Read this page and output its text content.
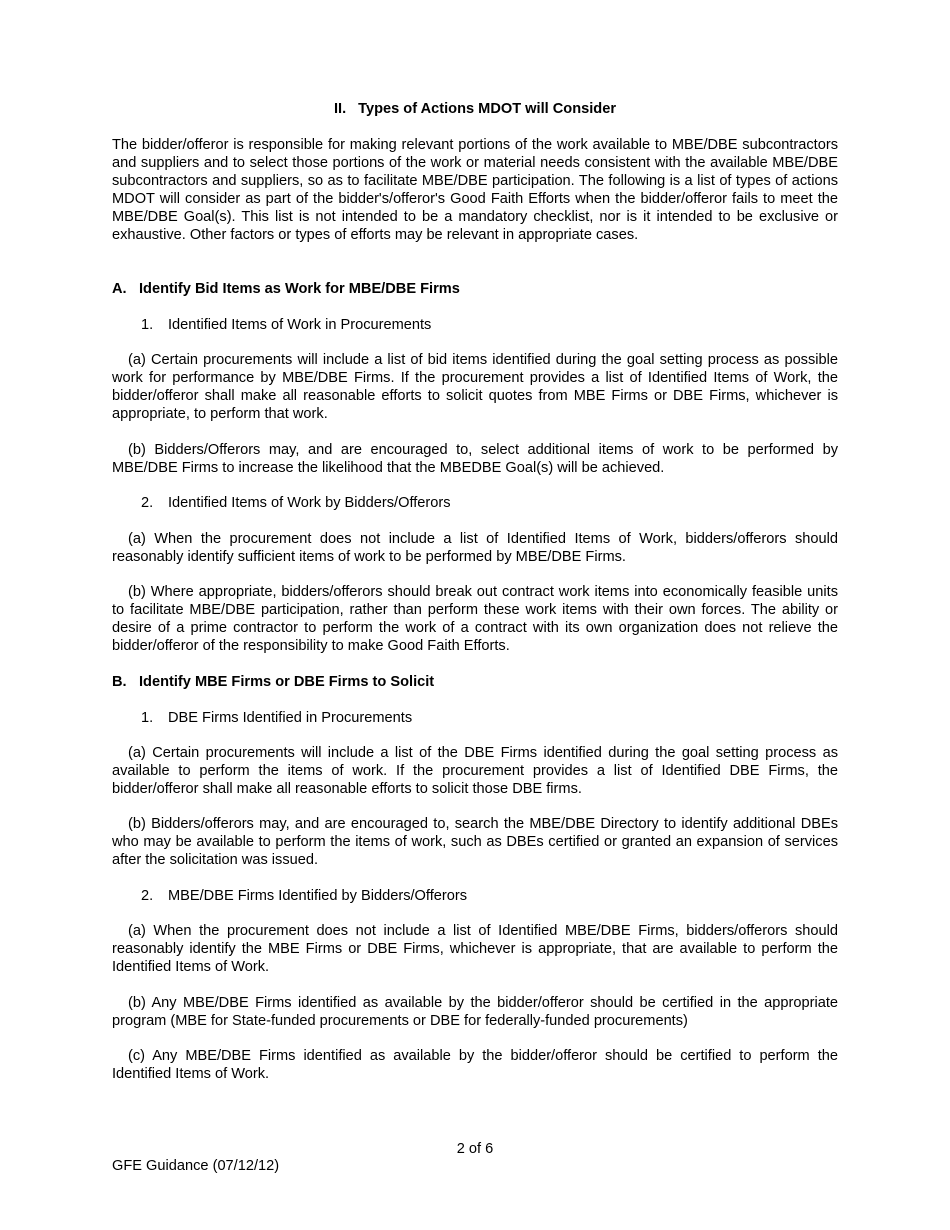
II. Types of Actions MDOT will Consider

The bidder/offeror is responsible for making relevant portions of the work available to MBE/DBE subcontractors and suppliers and to select those portions of the work or material needs consistent with the available MBE/DBE subcontractors and suppliers, so as to facilitate MBE/DBE participation. The following is a list of types of actions MDOT will consider as part of the bidder's/offeror's Good Faith Efforts when the bidder/offeror fails to meet the MBE/DBE Goal(s). This list is not intended to be a mandatory checklist, nor is it intended to be exclusive or exhaustive. Other factors or types of efforts may be relevant in appropriate cases.

A. Identify Bid Items as Work for MBE/DBE Firms
1. Identified Items of Work in Procurements

(a) Certain procurements will include a list of bid items identified during the goal setting process as possible work for performance by MBE/DBE Firms. If the procurement provides a list of Identified Items of Work, the bidder/offeror shall make all reasonable efforts to solicit quotes from MBE Firms or DBE Firms, whichever is appropriate, to perform that work.

(b) Bidders/Offerors may, and are encouraged to, select additional items of work to be performed by MBE/DBE Firms to increase the likelihood that the MBEDBE Goal(s) will be achieved.

2. Identified Items of Work by Bidders/Offerors

(a) When the procurement does not include a list of Identified Items of Work, bidders/offerors should reasonably identify sufficient items of work to be performed by MBE/DBE Firms.

(b) Where appropriate, bidders/offerors should break out contract work items into economically feasible units to facilitate MBE/DBE participation, rather than perform these work items with their own forces. The ability or desire of a prime contractor to perform the work of a contract with its own organization does not relieve the bidder/offeror of the responsibility to make Good Faith Efforts.

B. Identify MBE Firms or DBE Firms to Solicit
1. DBE Firms Identified in Procurements

(a) Certain procurements will include a list of the DBE Firms identified during the goal setting process as available to perform the items of work. If the procurement provides a list of Identified DBE Firms, the bidder/offeror shall make all reasonable efforts to solicit those DBE firms.

(b) Bidders/offerors may, and are encouraged to, search the MBE/DBE Directory to identify additional DBEs who may be available to perform the items of work, such as DBEs certified or granted an expansion of services after the solicitation was issued.

2. MBE/DBE Firms Identified by Bidders/Offerors

(a) When the procurement does not include a list of Identified MBE/DBE Firms, bidders/offerors should reasonably identify the MBE Firms or DBE Firms, whichever is appropriate, that are available to perform the Identified Items of Work.

(b) Any MBE/DBE Firms identified as available by the bidder/offeror should be certified in the appropriate program (MBE for State-funded procurements or DBE for federally-funded procurements)

(c) Any MBE/DBE Firms identified as available by the bidder/offeror should be certified to perform the Identified Items of Work.

2 of 6
GFE Guidance (07/12/12)
